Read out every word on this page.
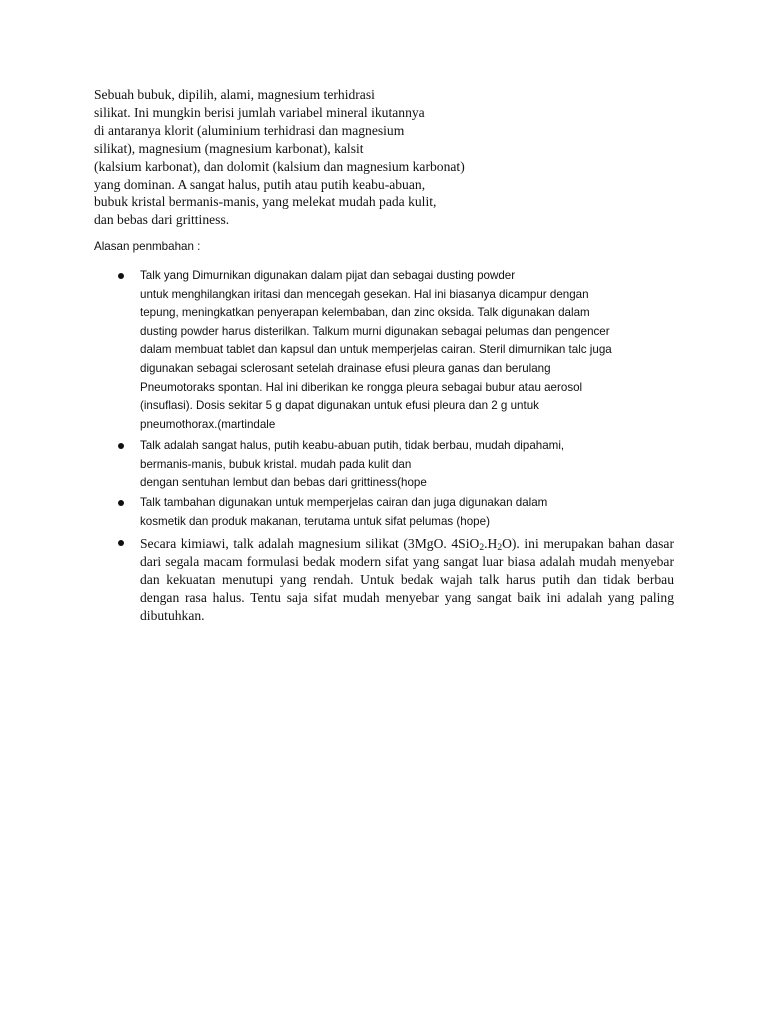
Sebuah bubuk, dipilih, alami, magnesium terhidrasi
silikat. Ini mungkin berisi jumlah variabel mineral ikutannya
di antaranya klorit (aluminium terhidrasi dan magnesium
silikat), magnesium (magnesium karbonat), kalsit
(kalsium karbonat), dan dolomit (kalsium dan magnesium karbonat)
yang dominan. A sangat halus, putih atau putih keabu-abuan,
bubuk kristal bermanis-manis, yang melekat mudah pada kulit,
dan bebas dari grittiness.
Alasan penmbahan :
Talk yang Dimurnikan digunakan dalam pijat dan sebagai dusting powder
untuk menghilangkan iritasi dan mencegah gesekan. Hal ini biasanya dicampur dengan
tepung, meningkatkan penyerapan kelembaban, dan zinc oksida. Talk digunakan dalam
dusting powder harus disterilkan. Talkum murni digunakan sebagai pelumas dan pengencer
dalam membuat tablet dan kapsul dan untuk memperjelas cairan. Steril dimurnikan talc juga
digunakan sebagai sclerosant setelah drainase efusi pleura ganas dan berulang
Pneumotoraks spontan. Hal ini diberikan ke rongga pleura sebagai bubur atau aerosol
(insuflasi). Dosis sekitar 5 g dapat digunakan untuk efusi pleura dan 2 g untuk
pneumothorax.(martindale
Talk adalah sangat halus, putih keabu-abuan putih, tidak berbau, mudah dipahami,
bermanis-manis, bubuk kristal. mudah pada kulit dan
dengan sentuhan lembut dan bebas dari grittiness(hope
Talk tambahan digunakan untuk memperjelas cairan dan juga digunakan dalam
kosmetik dan produk makanan, terutama untuk sifat pelumas (hope)
Secara kimiawi, talk adalah magnesium silikat (3MgO. $4SiO_2.H_2O$). ini merupakan bahan dasar dari segala macam formulasi bedak modern sifat yang sangat luar biasa adalah mudah menyebar dan kekuatan menutupi yang rendah. Untuk bedak wajah talk harus putih dan tidak berbau dengan rasa halus. Tentu saja sifat mudah menyebar yang sangat baik ini adalah yang paling dibutuhkan.
